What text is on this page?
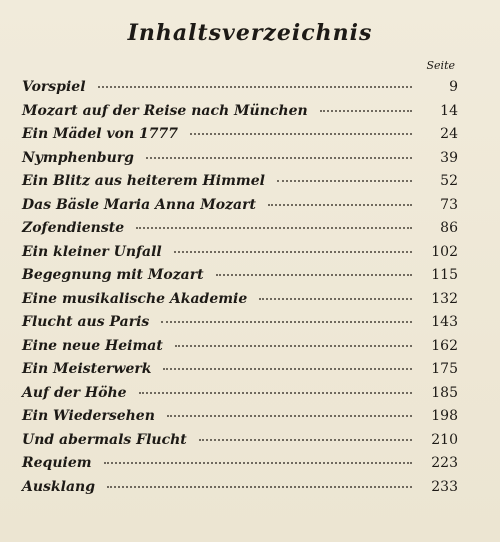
Inhaltsverzeichnis
Seite
Vorspiel	9
Mozart auf der Reise nach München	14
Ein Mädel von 1777	24
Nymphenburg	39
Ein Blitz aus heiterem Himmel	52
Das Bäsle Maria Anna Mozart	73
Zofendienste	86
Ein kleiner Unfall	102
Begegnung mit Mozart	115
Eine musikalische Akademie	132
Flucht aus Paris	143
Eine neue Heimat	162
Ein Meisterwerk	175
Auf der Höhe	185
Ein Wiedersehen	198
Und abermals Flucht	210
Requiem	223
Ausklang	233
